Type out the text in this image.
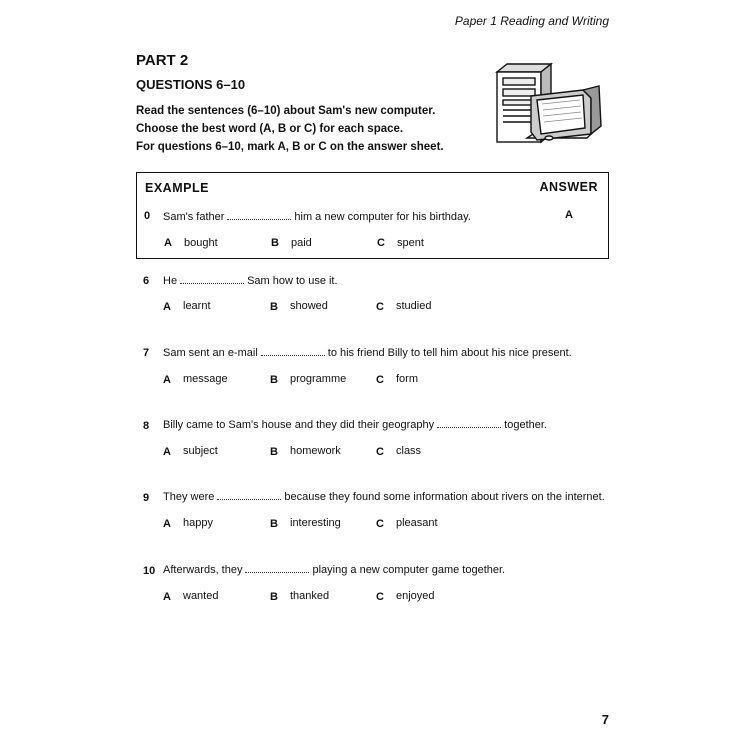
Paper 1 Reading and Writing
PART 2
QUESTIONS 6–10
Read the sentences (6–10) about Sam's new computer.
Choose the best word (A, B or C) for each space.
For questions 6–10, mark A, B or C on the answer sheet.
EXAMPLE	ANSWER
0 Sam's father	him a new computer for his birthday.	A
A bought	B paid	C spent
6 He	Sam how to use it.
A learnt	B showed	C studied
7 Sam sent an e-mail	to his friend Billy to tell him about his nice present.
A message	B programme	C form
8 Billy came to Sam's house and they did their geography	together.
A subject	B homework	C class
9 They were	because they found some information about rivers on the internet.
A happy	B interesting	C pleasant
10 Afterwards, they	playing a new computer game together.
A wanted	B thanked	C enjoyed
7
